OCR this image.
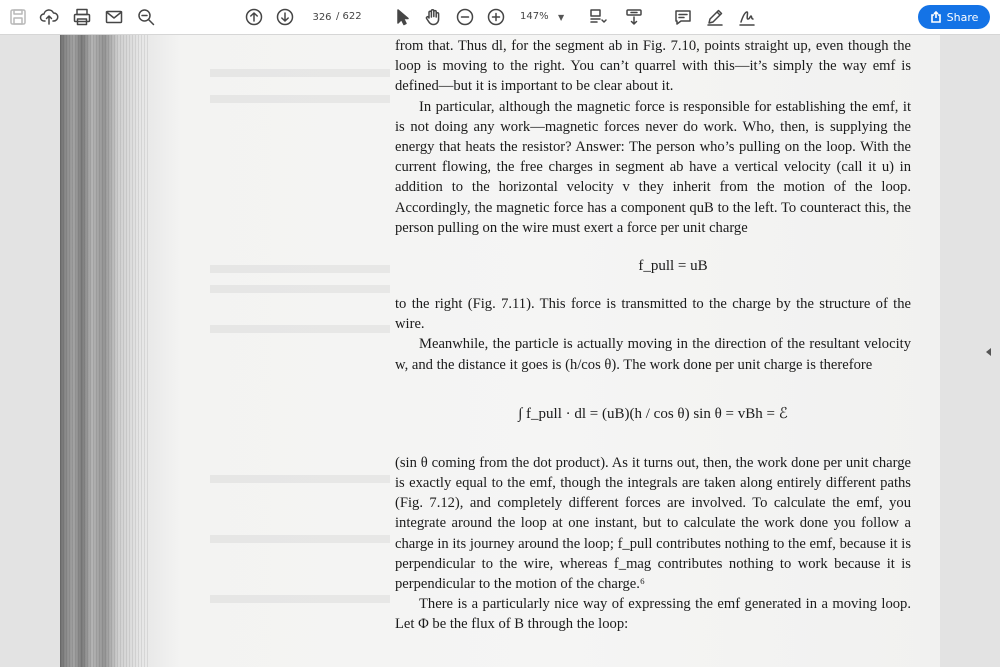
326
/ 622	147% ▼	Share

from that. Thus dl, for the segment ab in Fig. 7.10, points straight up, even though the loop is moving to the right. You can’t quarrel with this—it’s simply the way emf is defined—but it is important to be clear about it.

In particular, although the magnetic force is responsible for establishing the emf, it is not doing any work—magnetic forces never do work. Who, then, is supplying the energy that heats the resistor? Answer: The person who’s pulling on the loop. With the current flowing, the free charges in segment ab have a vertical velocity (call it u) in addition to the horizontal velocity v they inherit from the motion of the loop. Accordingly, the magnetic force has a component quB to the left. To counteract this, the person pulling on the wire must exert a force per unit charge

f_pull = uB

to the right (Fig. 7.11). This force is transmitted to the charge by the structure of the wire.

Meanwhile, the particle is actually moving in the direction of the resultant velocity w, and the distance it goes is (h/cos θ). The work done per unit charge is therefore

∫ f_pull · dl = (uB)(h / cos θ) sin θ = vBh = ℰ

(sin θ coming from the dot product). As it turns out, then, the work done per unit charge is exactly equal to the emf, though the integrals are taken along entirely different paths (Fig. 7.12), and completely different forces are involved. To calculate the emf, you integrate around the loop at one instant, but to calculate the work done you follow a charge in its journey around the loop; f_pull contributes nothing to the emf, because it is perpendicular to the wire, whereas f_mag contributes nothing to work because it is perpendicular to the motion of the charge.⁶

There is a particularly nice way of expressing the emf generated in a moving loop. Let Φ be the flux of B through the loop:
